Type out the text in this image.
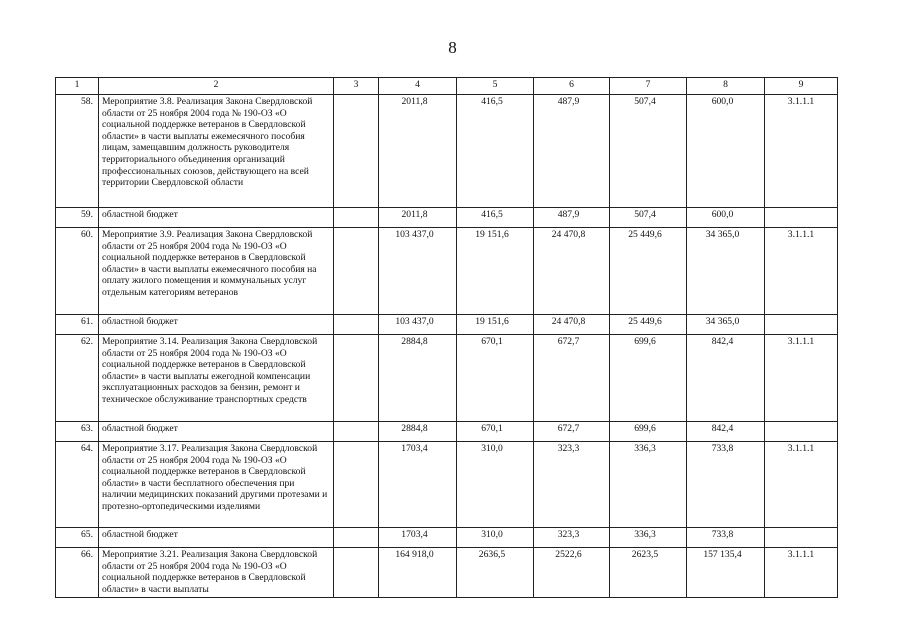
8
1	2	3	4	5	6	7	8	9
58.	Мероприятие 3.8. Реализация Закона Свердловской области от 25 ноября 2004 года № 190-ОЗ «О социальной поддержке ветеранов в Свердловской области» в части выплаты ежемесячного пособия лицам, замещавшим должность руководителя территориального объединения организаций профессиональных союзов, действующего на всей территории Свердловской области		2011,8	416,5	487,9	507,4	600,0	3.1.1.1
59.	областной бюджет		2011,8	416,5	487,9	507,4	600,0	
60.	Мероприятие 3.9. Реализация Закона Свердловской области от 25 ноября 2004 года № 190-ОЗ «О социальной поддержке ветеранов в Свердловской области» в части выплаты ежемесячного пособия на оплату жилого помещения и коммунальных услуг отдельным категориям ветеранов		103 437,0	19 151,6	24 470,8	25 449,6	34 365,0	3.1.1.1
61.	областной бюджет		103 437,0	19 151,6	24 470,8	25 449,6	34 365,0	
62.	Мероприятие 3.14. Реализация Закона Свердловской области от 25 ноября 2004 года № 190-ОЗ «О социальной поддержке ветеранов в Свердловской области» в части выплаты ежегодной компенсации эксплуатационных расходов за бензин, ремонт и техническое обслуживание транспортных средств		2884,8	670,1	672,7	699,6	842,4	3.1.1.1
63.	областной бюджет		2884,8	670,1	672,7	699,6	842,4	
64.	Мероприятие 3.17. Реализация Закона Свердловской области от 25 ноября 2004 года № 190-ОЗ «О социальной поддержке ветеранов в Свердловской области» в части бесплатного обеспечения при наличии медицинских показаний другими протезами и протезно-ортопедическими изделиями		1703,4	310,0	323,3	336,3	733,8	3.1.1.1
65.	областной бюджет		1703,4	310,0	323,3	336,3	733,8	
66.	Мероприятие 3.21. Реализация Закона Свердловской области от 25 ноября 2004 года № 190-ОЗ «О социальной поддержке ветеранов в Свердловской области» в части выплаты		164 918,0	2636,5	2522,6	2623,5	157 135,4	3.1.1.1
